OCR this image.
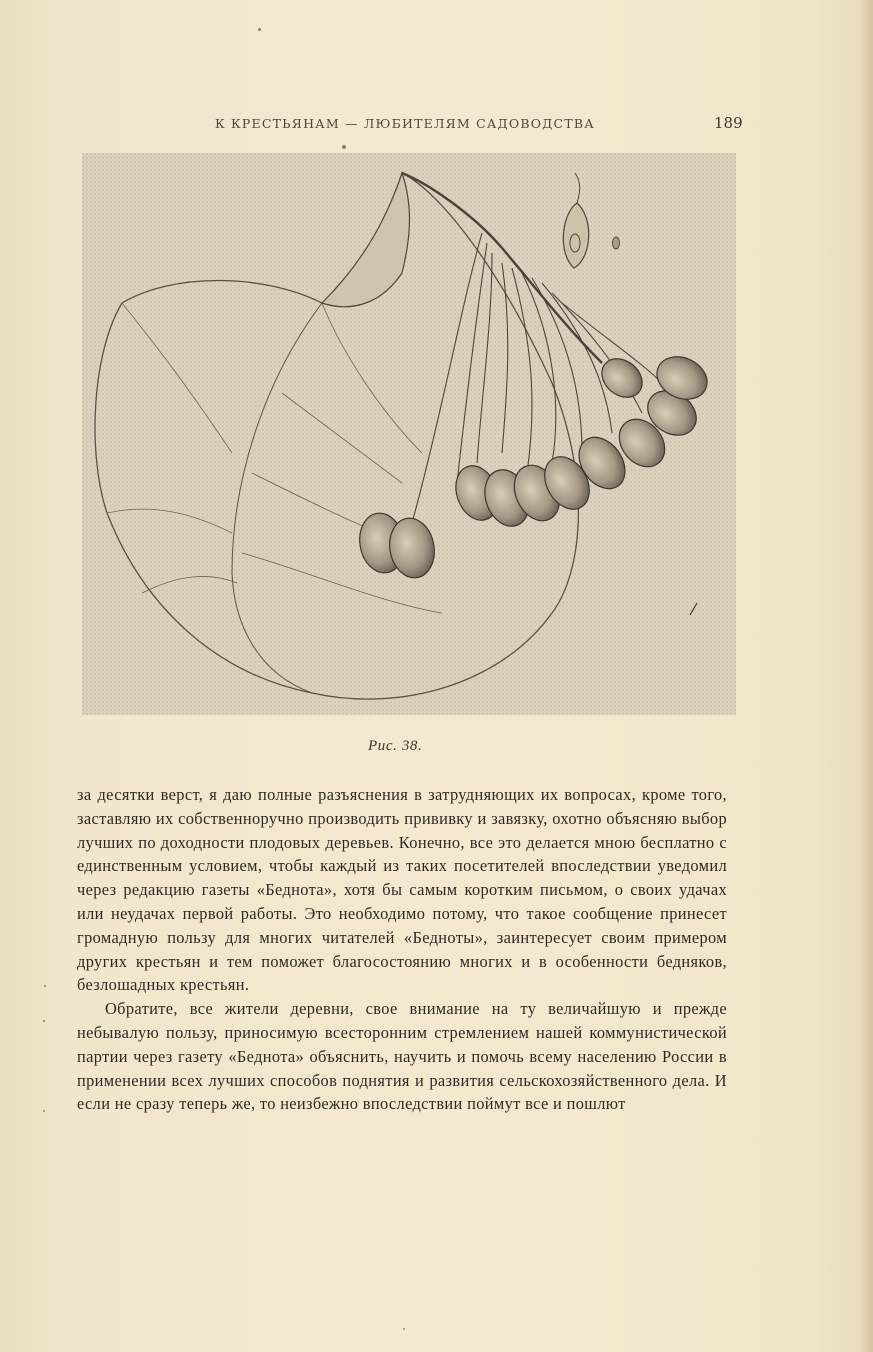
К КРЕСТЬЯНАМ — ЛЮБИТЕЛЯМ САДОВОДСТВА	189
Рис. 38.

за десятки верст, я даю полные разъяснения в затрудняющих их вопросах, кроме того, заставляю их собственноручно производить прививку и завязку, охотно объясняю выбор лучших по доходности плодовых деревьев. Конечно, все это делается мною бесплатно с единственным условием, чтобы каждый из таких посетителей впоследствии уведомил через редакцию газеты «Беднота», хотя бы самым коротким письмом, о своих удачах или неудачах первой работы. Это необходимо потому, что такое сообщение принесет громадную пользу для многих читателей «Бедноты», заинтересует своим примером других крестьян и тем поможет благосостоянию многих и в особенности бедняков, безлошадных крестьян.

Обратите, все жители деревни, свое внимание на ту величайшую и прежде небывалую пользу, приносимую всесторонним стремлением нашей коммунистической партии через газету «Беднота» объяснить, научить и помочь всему населению России в применении всех лучших способов поднятия и развития сельскохозяйственного дела. И если не сразу теперь же, то неизбежно впоследствии поймут все и пошлют
